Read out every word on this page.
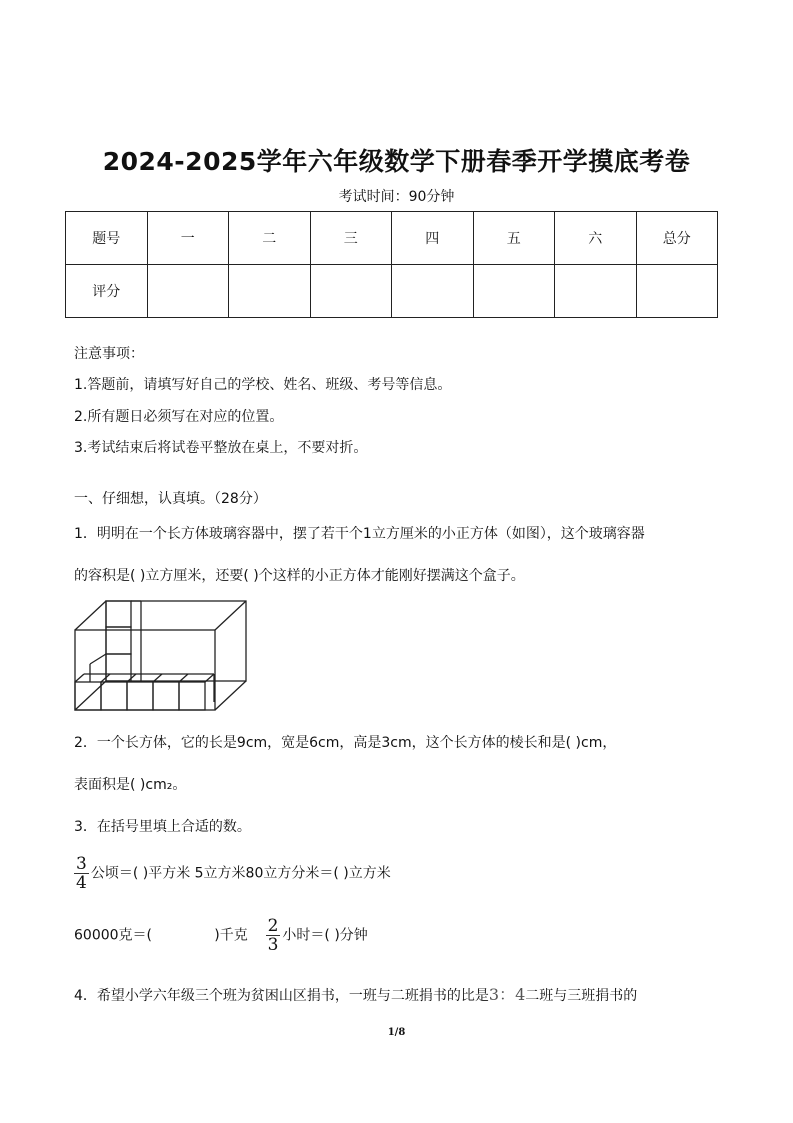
2024-2025学年六年级数学下册春季开学摸底考卷
考试时间：90分钟
题号	一	二	三	四	五	六	总分
评分							
注意事项：
1.答题前，请填写好自己的学校、姓名、班级、考号等信息。
2.所有题日必须写在对应的位置。
3.考试结束后将试卷平整放在桌上，不要对折。
一、仔细想，认真填。（28分）
1．明明在一个长方体玻璃容器中，摆了若干个1立方厘米的小正方体（如图），这个玻璃容器
的容积是( )立方厘米，还要( )个这样的小正方体才能刚好摆满这个盒子。
2．一个长方体，它的长是9cm，宽是6cm，高是3cm，这个长方体的棱长和是( )cm，
表面积是( )cm₂。
3．在括号里填上合适的数。
$\frac{3}{4}$ 公顷＝( )平方米 5立方米80立方分米＝( )立方米
60000克＝(              )千克 $\frac{2}{3}$ 小时＝( )分钟
4．希望小学六年级三个班为贫困山区捐书，一班与二班捐书的比是3：4二班与三班捐书的
1/8
